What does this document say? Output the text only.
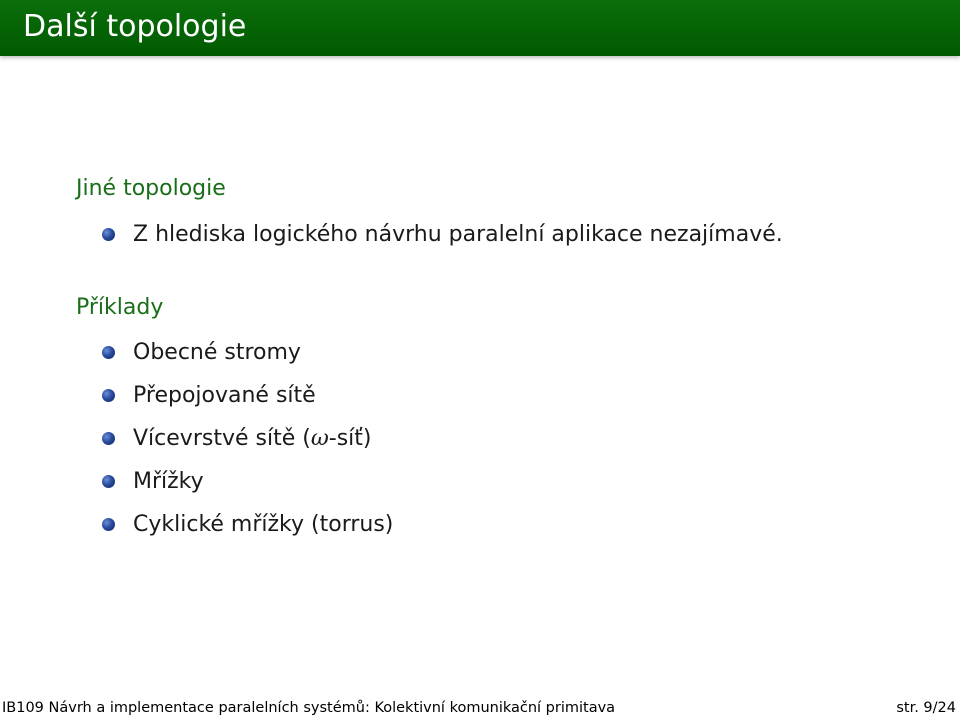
Další topologie
Jiné topologie
Z hlediska logického návrhu paralelní aplikace nezajímavé.
Příklady
Obecné stromy
Přepojované sítě
Vícevrstvé sítě (ω-síť)
Mřížky
Cyklické mřížky (torrus)
IB109 Návrh a implementace paralelních systémů: Kolektivní komunikační primitava	str. 9/24
